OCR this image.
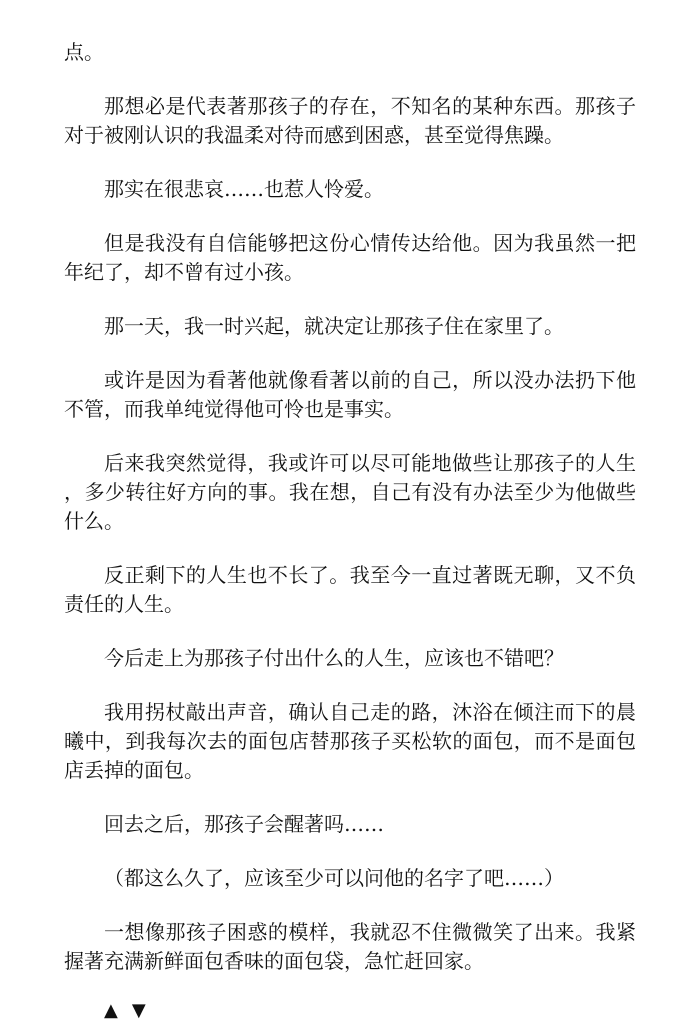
点。

那想必是代表著那孩子的存在，不知名的某种东西。那孩子对于被刚认识的我温柔对待而感到困惑，甚至觉得焦躁。

那实在很悲哀……也惹人怜爱。

但是我没有自信能够把这份心情传达给他。因为我虽然一把年纪了，却不曾有过小孩。

那一天，我一时兴起，就决定让那孩子住在家里了。

或许是因为看著他就像看著以前的自己，所以没办法扔下他不管，而我单纯觉得他可怜也是事实。

后来我突然觉得，我或许可以尽可能地做些让那孩子的人生，多少转往好方向的事。我在想，自己有没有办法至少为他做些什么。

反正剩下的人生也不长了。我至今一直过著既无聊，又不负责任的人生。

今后走上为那孩子付出什么的人生，应该也不错吧？

我用拐杖敲出声音，确认自己走的路，沐浴在倾注而下的晨曦中，到我每次去的面包店替那孩子买松软的面包，而不是面包店丢掉的面包。

回去之后，那孩子会醒著吗……

（都这么久了，应该至少可以问他的名字了吧……）

一想像那孩子困惑的模样，我就忍不住微微笑了出来。我紧握著充满新鲜面包香味的面包袋，急忙赶回家。

▲ ▼
